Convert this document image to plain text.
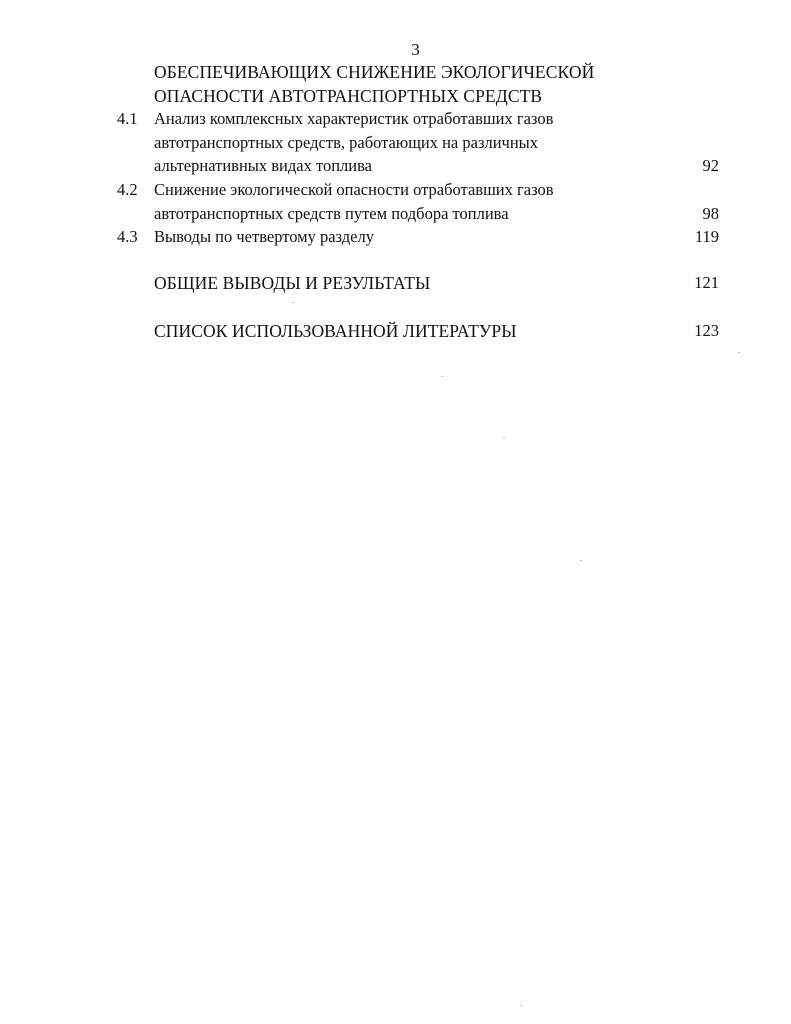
3
ОБЕСПЕЧИВАЮЩИХ СНИЖЕНИЕ ЭКОЛОГИЧЕСКОЙ
ОПАСНОСТИ АВТОТРАНСПОРТНЫХ СРЕДСТВ
4.1 Анализ комплексных характеристик отработавших газов
автотранспортных средств, работающих на различных
альтернативных видах топлива	92
4.2 Снижение экологической опасности отработавших газов
автотранспортных средств путем подбора топлива	98
4.3 Выводы по четвертому разделу	119
ОБЩИЕ ВЫВОДЫ И РЕЗУЛЬТАТЫ	121
СПИСОК ИСПОЛЬЗОВАННОЙ ЛИТЕРАТУРЫ	123
